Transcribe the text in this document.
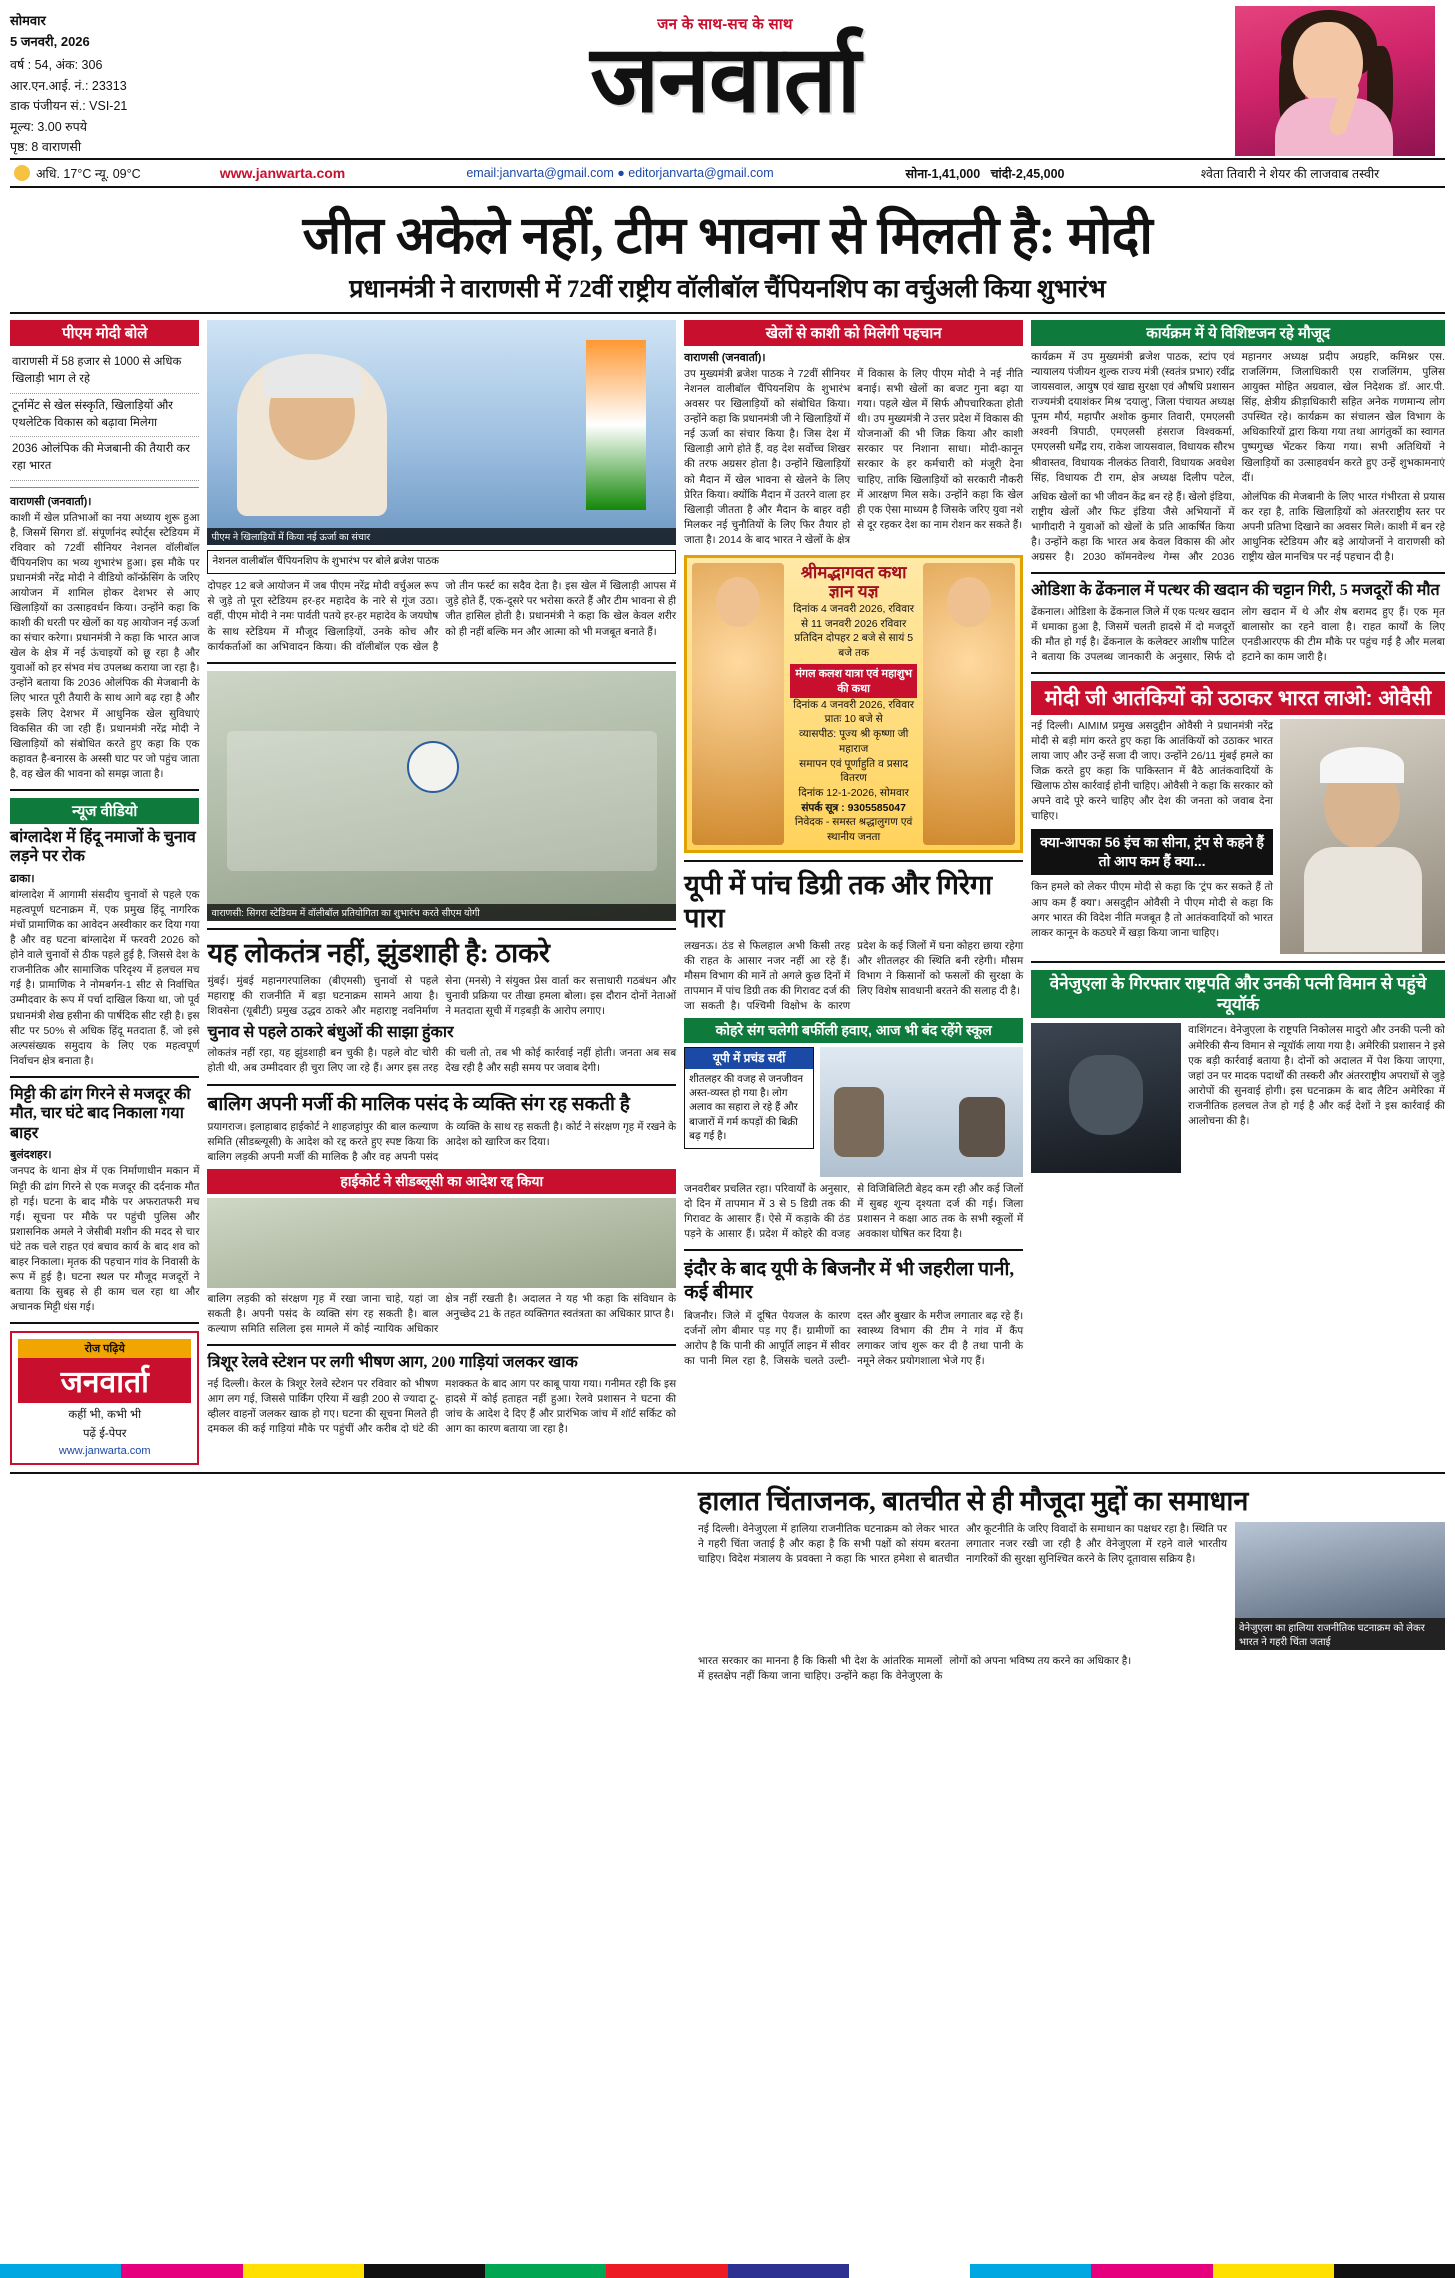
सोमवार
5 जनवरी, 2026
वर्ष : 54, अंक: 306
आर.एन.आई. नं.: 23313
डाक पंजीयन सं.: VSI-21
मूल्य: 3.00 रुपये
पृष्ठ: 8 वाराणसी
जन के साथ-सच के साथ
जनवार्ता
अधि. 17°C न्यू. 09°C	www.janwarta.com	email:janvarta@gmail.com ● editorjanvarta@gmail.com	सोना-1,41,000 चांदी-2,45,000	श्वेता तिवारी ने शेयर की लाजवाब तस्वीर
जीत अकेले नहीं, टीम भावना से मिलती है: मोदी
प्रधानमंत्री ने वाराणसी में 72वीं राष्ट्रीय वॉलीबॉल चैंपियनशिप का वर्चुअली किया शुभारंभ
पीएम मोदी बोले
वाराणसी में 58 हजार से 1000 से अधिक खिलाड़ी भाग ले रहे
टूर्नामेंट से खेल संस्कृति, खिलाड़ियों और एथलेटिक विकास को बढ़ावा मिलेगा
2036 ओलंपिक की मेजबानी की तैयारी कर रहा भारत
वाराणसी (जनवार्ता)।
काशी में खेल प्रतिभाओं का नया अध्याय शुरू हुआ है, जिसमें सिगरा डॉ. संपूर्णानंद स्पोर्ट्स स्टेडियम में रविवार को 72वीं सीनियर नेशनल वॉलीबॉल चैंपियनशिप का भव्य शुभारंभ हुआ। इस मौके पर प्रधानमंत्री नरेंद्र मोदी ने वीडियो कॉन्फ्रेंसिंग के जरिए आयोजन में शामिल होकर देशभर से आए खिलाड़ियों का उत्साहवर्धन किया। उन्होंने कहा कि काशी की धरती पर खेलों का यह आयोजन नई ऊर्जा का संचार करेगा। प्रधानमंत्री ने कहा कि भारत आज खेल के क्षेत्र में नई ऊंचाइयों को छू रहा है और युवाओं को हर संभव मंच उपलब्ध कराया जा रहा है। उन्होंने बताया कि 2036 ओलंपिक की मेजबानी के लिए भारत पूरी तैयारी के साथ आगे बढ़ रहा है और इसके लिए देशभर में आधुनिक खेल सुविधाएं विकसित की जा रही हैं। प्रधानमंत्री नरेंद्र मोदी ने खिलाड़ियों को संबोधित करते हुए कहा कि एक कहावत है-बनारस के अस्सी घाट पर जो पहुंच जाता है, वह खेल की भावना को समझ जाता है।
न्यूज वीडियो
बांग्लादेश में हिंदू नमाजों के चुनाव लड़ने पर रोक
ढाका।
बांग्लादेश में आगामी संसदीय चुनावों से पहले एक महत्वपूर्ण घटनाक्रम में, एक प्रमुख हिंदू नागरिक मंचों प्रामाणिक का आवेदन अस्वीकार कर दिया गया है और वह घटना बांग्लादेश में फरवरी 2026 को होने वाले चुनावों से ठीक पहले हुई है, जिससे देश के राजनीतिक और सामाजिक परिदृश्य में हलचल मच गई है। प्रामाणिक ने नोमबर्गन-1 सीट से निर्वाचित उम्मीदवार के रूप में पर्चा दाखिल किया था, जो पूर्व प्रधानमंत्री शेख हसीना की पार्षदिक सीट रही है। इस सीट पर 50% से अधिक हिंदू मतदाता हैं, जो इसे अल्पसंख्यक समुदाय के लिए एक महत्वपूर्ण निर्वाचन क्षेत्र बनाता है।
मिट्टी की ढांग गिरने से मजदूर की मौत, चार घंटे बाद निकाला गया बाहर
बुलंदशहर।
जनपद के थाना क्षेत्र में एक निर्माणाधीन मकान में मिट्टी की ढांग गिरने से एक मजदूर की दर्दनाक मौत हो गई। घटना के बाद मौके पर अफरातफरी मच गई। सूचना पर मौके पर पहुंची पुलिस और प्रशासनिक अमले ने जेसीबी मशीन की मदद से चार घंटे तक चले राहत एवं बचाव कार्य के बाद शव को बाहर निकाला। मृतक की पहचान गांव के निवासी के रूप में हुई है। घटना स्थल पर मौजूद मजदूरों ने बताया कि सुबह से ही काम चल रहा था और अचानक मिट्टी धंस गई।
रोज पढ़िये
जनवार्ता
कहीं भी, कभी भी
पढ़ें ई-पेपर
www.janwarta.com
पीएम ने खिलाड़ियों में किया नई ऊर्जा का संचार
नेशनल वालीबॉल चैंपियनशिप के शुभारंभ पर बोले ब्रजेश पाठक
दोपहर 12 बजे आयोजन में जब पीएम नरेंद्र मोदी वर्चुअल रूप से जुड़े तो पूरा स्टेडियम हर-हर महादेव के नारे से गूंज उठा। वहीं, पीएम मोदी ने नमः पार्वती पतये हर-हर महादेव के जयघोष के साथ स्टेडियम में मौजूद खिलाड़ियों, उनके कोच और कार्यकर्ताओं का अभिवादन किया। की वॉलीबॉल एक खेल है जो तीन फर्स्ट का सदैव देता है। इस खेल में खिलाड़ी आपस में जुड़े होते हैं, एक-दूसरे पर भरोसा करते हैं और टीम भावना से ही जीत हासिल होती है। प्रधानमंत्री ने कहा कि खेल केवल शरीर को ही नहीं बल्कि मन और आत्मा को भी मजबूत बनाते हैं।
वाराणसी: सिगरा स्टेडियम में वॉलीबॉल प्रतियोगिता का शुभारंभ करते सीएम योगी
यह लोकतंत्र नहीं, झुंडशाही है: ठाकरे
मुंबई। मुंबई महानगरपालिका (बीएमसी) चुनावों से पहले महाराष्ट्र की राजनीति में बड़ा घटनाक्रम सामने आया है। शिवसेना (यूबीटी) प्रमुख उद्धव ठाकरे और महाराष्ट्र नवनिर्माण सेना (मनसे) ने संयुक्त प्रेस वार्ता कर सत्ताधारी गठबंधन और चुनावी प्रक्रिया पर तीखा हमला बोला। इस दौरान दोनों नेताओं ने मतदाता सूची में गड़बड़ी के आरोप लगाए।
चुनाव से पहले ठाकरे बंधुओं की साझा हुंकार
लोकतंत्र नहीं रहा, यह झुंडशाही बन चुकी है। पहले वोट चोरी होती थी, अब उम्मीदवार ही चुरा लिए जा रहे हैं। अगर इस तरह की चली तो, तब भी कोई कार्रवाई नहीं होती। जनता अब सब देख रही है और सही समय पर जवाब देगी।
बालिग अपनी मर्जी की मालिक पसंद के व्यक्ति संग रह सकती है
प्रयागराज। इलाहाबाद हाईकोर्ट ने शाहजहांपुर की बाल कल्याण समिति (सीडब्ल्यूसी) के आदेश को रद्द करते हुए स्पष्ट किया कि बालिग लड़की अपनी मर्जी की मालिक है और वह अपनी पसंद के व्यक्ति के साथ रह सकती है। कोर्ट ने संरक्षण गृह में रखने के आदेश को खारिज कर दिया।
हाईकोर्ट ने सीडब्लूसी का आदेश रद्द किया
बालिग लड़की को संरक्षण गृह में रखा जाना चाहे, यहां जा सकती है। अपनी पसंद के व्यक्ति संग रह सकती है। बाल कल्याण समिति सलिला इस मामले में कोई न्यायिक अधिकार क्षेत्र नहीं रखती है। अदालत ने यह भी कहा कि संविधान के अनुच्छेद 21 के तहत व्यक्तिगत स्वतंत्रता का अधिकार प्राप्त है।
त्रिशूर रेलवे स्टेशन पर लगी भीषण आग, 200 गाड़ियां जलकर खाक
नई दिल्ली। केरल के त्रिशूर रेलवे स्टेशन पर रविवार को भीषण आग लग गई, जिससे पार्किंग एरिया में खड़ी 200 से ज्यादा टू-व्हीलर वाहनों जलकर खाक हो गए। घटना की सूचना मिलते ही दमकल की कई गाड़ियां मौके पर पहुंचीं और करीब दो घंटे की मशक्कत के बाद आग पर काबू पाया गया। गनीमत रही कि इस हादसे में कोई हताहत नहीं हुआ। रेलवे प्रशासन ने घटना की जांच के आदेश दे दिए हैं और प्रारंभिक जांच में शॉर्ट सर्किट को आग का कारण बताया जा रहा है।
खेलों से काशी को मिलेगी पहचान
वाराणसी (जनवार्ता)।
उप मुख्यमंत्री ब्रजेश पाठक ने 72वीं सीनियर नेशनल वालीबॉल चैंपियनशिप के शुभारंभ अवसर पर खिलाड़ियों को संबोधित किया। उन्होंने कहा कि प्रधानमंत्री जी ने खिलाड़ियों में नई ऊर्जा का संचार किया है। जिस देश में खिलाड़ी आगे होते हैं, वह देश सर्वोच्च शिखर की तरफ अग्रसर होता है। उन्होंने खिलाड़ियों को मैदान में खेल भावना से खेलने के लिए प्रेरित किया। क्योंकि मैदान में उतरने वाला हर खिलाड़ी जीतता है और मैदान के बाहर वही मिलकर नई चुनौतियों के लिए फिर तैयार हो जाता है। 2014 के बाद भारत ने खेलों के क्षेत्र में विकास के लिए पीएम मोदी ने नई नीति बनाई। सभी खेलों का बजट गुना बढ़ा या गया। पहले खेल में सिर्फ औपचारिकता होती थी। उप मुख्यमंत्री ने उत्तर प्रदेश में विकास की योजनाओं की भी जिक्र किया और काशी सरकार पर निशाना साधा। मोदी-कानून सरकार के हर कर्मचारी को मंजूरी देना चाहिए, ताकि खिलाड़ियों को सरकारी नौकरी में आरक्षण मिल सके। उन्होंने कहा कि खेल ही एक ऐसा माध्यम है जिसके जरिए युवा नशे से दूर रहकर देश का नाम रोशन कर सकते हैं।
श्रीमद्भागवत कथा ज्ञान यज्ञ
दिनांक 4 जनवरी 2026, रविवार से 11 जनवरी 2026 रविवार प्रतिदिन दोपहर 2 बजे से सायं 5 बजे तक
मंगल कलश यात्रा एवं महाशुभ की कथा
दिनांक 4 जनवरी 2026, रविवार प्रातः 10 बजे से
व्यासपीठ: पूज्य श्री कृष्णा जी महाराज
समापन एवं पूर्णाहुति व प्रसाद वितरण
दिनांक 12-1-2026, सोमवार
संपर्क सूत्र : 9305585047
निवेदक - समस्त श्रद्धालुगण एवं स्थानीय जनता
यूपी में पांच डिग्री तक और गिरेगा पारा
लखनऊ। ठंड से फिलहाल अभी किसी तरह की राहत के आसार नजर नहीं आ रहे हैं। मौसम विभाग की मानें तो अगले कुछ दिनों में तापमान में पांच डिग्री तक की गिरावट दर्ज की जा सकती है। पश्चिमी विक्षोभ के कारण प्रदेश के कई जिलों में घना कोहरा छाया रहेगा और शीतलहर की स्थिति बनी रहेगी। मौसम विभाग ने किसानों को फसलों की सुरक्षा के लिए विशेष सावधानी बरतने की सलाह दी है।
कोहरे संग चलेगी बर्फीली हवाए, आज भी बंद रहेंगे स्कूल
यूपी में प्रचंड सर्दी
शीतलहर की वजह से जनजीवन अस्त-व्यस्त हो गया है। लोग अलाव का सहारा ले रहे हैं और बाजारों में गर्म कपड़ों की बिक्री बढ़ गई है।
जनवरीबर प्रचलित रहा। परिवार्यों के अनुसार, दो दिन में तापमान में 3 से 5 डिग्री तक की गिरावट के आसार हैं। ऐसे में कड़ाके की ठंड पड़ने के आसार हैं। प्रदेश में कोहरे की वजह से विजिबिलिटी बेहद कम रही और कई जिलों में सुबह शून्य दृश्यता दर्ज की गई। जिला प्रशासन ने कक्षा आठ तक के सभी स्कूलों में अवकाश घोषित कर दिया है।
इंदौर के बाद यूपी के बिजनौर में भी जहरीला पानी, कई बीमार
बिजनौर। जिले में दूषित पेयजल के कारण दर्जनों लोग बीमार पड़ गए हैं। ग्रामीणों का आरोप है कि पानी की आपूर्ति लाइन में सीवर का पानी मिल रहा है, जिसके चलते उल्टी-दस्त और बुखार के मरीज लगातार बढ़ रहे हैं। स्वास्थ्य विभाग की टीम ने गांव में कैंप लगाकर जांच शुरू कर दी है तथा पानी के नमूने लेकर प्रयोगशाला भेजे गए हैं।
कार्यक्रम में ये विशिष्टजन रहे मौजूद
कार्यक्रम में उप मुख्यमंत्री ब्रजेश पाठक, स्टांप एवं न्यायालय पंजीयन शुल्क राज्य मंत्री (स्वतंत्र प्रभार) रवींद्र जायसवाल, आयुष एवं खाद्य सुरक्षा एवं औषधि प्रशासन राज्यमंत्री दयाशंकर मिश्र 'दयालु', जिला पंचायत अध्यक्ष पूनम मौर्य, महापौर अशोक कुमार तिवारी, एमएलसी अश्वनी त्रिपाठी, एमएलसी हंसराज विश्वकर्मा, एमएलसी धर्मेंद्र राय, राकेश जायसवाल, विधायक सौरभ श्रीवास्तव, विधायक नीलकंठ तिवारी, विधायक अवधेश सिंह, विधायक टी राम, क्षेत्र अध्यक्ष दिलीप पटेल, महानगर अध्यक्ष प्रदीप अग्रहरि, कमिश्नर एस. राजलिंगम, जिलाधिकारी एस राजलिंगम, पुलिस आयुक्त मोहित अग्रवाल, खेल निदेशक डॉ. आर.पी. सिंह, क्षेत्रीय क्रीड़ाधिकारी सहित अनेक गणमान्य लोग उपस्थित रहे। कार्यक्रम का संचालन खेल विभाग के अधिकारियों द्वारा किया गया तथा आगंतुकों का स्वागत पुष्पगुच्छ भेंटकर किया गया। सभी अतिथियों ने खिलाड़ियों का उत्साहवर्धन करते हुए उन्हें शुभकामनाएं दीं।
अधिक खेलों का भी जीवन केंद्र बन रहे हैं। खेलो इंडिया, राष्ट्रीय खेलों और फिट इंडिया जैसे अभियानों में भागीदारी ने युवाओं को खेलों के प्रति आकर्षित किया है। उन्होंने कहा कि भारत अब केवल विकास की ओर अग्रसर है। 2030 कॉमनवेल्थ गेम्स और 2036 ओलंपिक की मेजबानी के लिए भारत गंभीरता से प्रयास कर रहा है, ताकि खिलाड़ियों को अंतरराष्ट्रीय स्तर पर अपनी प्रतिभा दिखाने का अवसर मिले। काशी में बन रहे आधुनिक स्टेडियम और बड़े आयोजनों ने वाराणसी को राष्ट्रीय खेल मानचित्र पर नई पहचान दी है।
ओडिशा के ढेंकनाल में पत्थर की खदान की चट्टान गिरी, 5 मजदूरों की मौत
ढेंकनाल। ओडिशा के ढेंकनाल जिले में एक पत्थर खदान में धमाका हुआ है, जिसमें चलती हादसे में दो मजदूरों की मौत हो गई है। ढेंकनाल के कलेक्टर आशीष पाटिल ने बताया कि उपलब्ध जानकारी के अनुसार, सिर्फ दो लोग खदान में थे और शेष बरामद हुए हैं। एक मृत बालासोर का रहने वाला है। राहत कार्यों के लिए एनडीआरएफ की टीम मौके पर पहुंच गई है और मलबा हटाने का काम जारी है।
मोदी जी आतंकियों को उठाकर भारत लाओ: ओवैसी
नई दिल्ली। AIMIM प्रमुख असदुद्दीन ओवैसी ने प्रधानमंत्री नरेंद्र मोदी से बड़ी मांग करते हुए कहा कि आतंकियों को उठाकर भारत लाया जाए और उन्हें सजा दी जाए। उन्होंने 26/11 मुंबई हमले का जिक्र करते हुए कहा कि पाकिस्तान में बैठे आतंकवादियों के खिलाफ ठोस कार्रवाई होनी चाहिए। ओवैसी ने कहा कि सरकार को अपने वादे पूरे करने चाहिए और देश की जनता को जवाब देना चाहिए।
क्या-आपका 56 इंच का सीना, ट्रंप से कहने हैं तो आप कम हैं क्या...
किन हमले को लेकर पीएम मोदी से कहा कि 'ट्रंप कर सकते हैं तो आप कम हैं क्या'। असदुद्दीन ओवैसी ने पीएम मोदी से कहा कि अगर भारत की विदेश नीति मजबूत है तो आतंकवादियों को भारत लाकर कानून के कठघरे में खड़ा किया जाना चाहिए।
वेनेजुएला के गिरफ्तार राष्ट्रपति और उनकी पत्नी विमान से पहुंचे न्यूयॉर्क
वाशिंगटन। वेनेजुएला के राष्ट्रपति निकोलस मादुरो और उनकी पत्नी को अमेरिकी सैन्य विमान से न्यूयॉर्क लाया गया है। अमेरिकी प्रशासन ने इसे एक बड़ी कार्रवाई बताया है। दोनों को अदालत में पेश किया जाएगा, जहां उन पर मादक पदार्थों की तस्करी और अंतरराष्ट्रीय अपराधों से जुड़े आरोपों की सुनवाई होगी। इस घटनाक्रम के बाद लैटिन अमेरिका में राजनीतिक हलचल तेज हो गई है और कई देशों ने इस कार्रवाई की आलोचना की है।
हालात चिंताजनक, बातचीत से ही मौजूदा मुद्दों का समाधान
नई दिल्ली। वेनेजुएला में हालिया राजनीतिक घटनाक्रम को लेकर भारत ने गहरी चिंता जताई है और कहा है कि सभी पक्षों को संयम बरतना चाहिए। विदेश मंत्रालय के प्रवक्ता ने कहा कि भारत हमेशा से बातचीत और कूटनीति के जरिए विवादों के समाधान का पक्षधर रहा है। स्थिति पर लगातार नजर रखी जा रही है और वेनेजुएला में रहने वाले भारतीय नागरिकों की सुरक्षा सुनिश्चित करने के लिए दूतावास सक्रिय है।
वेनेजुएला का हालिया राजनीतिक घटनाक्रम को लेकर भारत ने गहरी चिंता जताई
भारत सरकार का मानना है कि किसी भी देश के आंतरिक मामलों में हस्तक्षेप नहीं किया जाना चाहिए। उन्होंने कहा कि वेनेजुएला के लोगों को अपना भविष्य तय करने का अधिकार है।
